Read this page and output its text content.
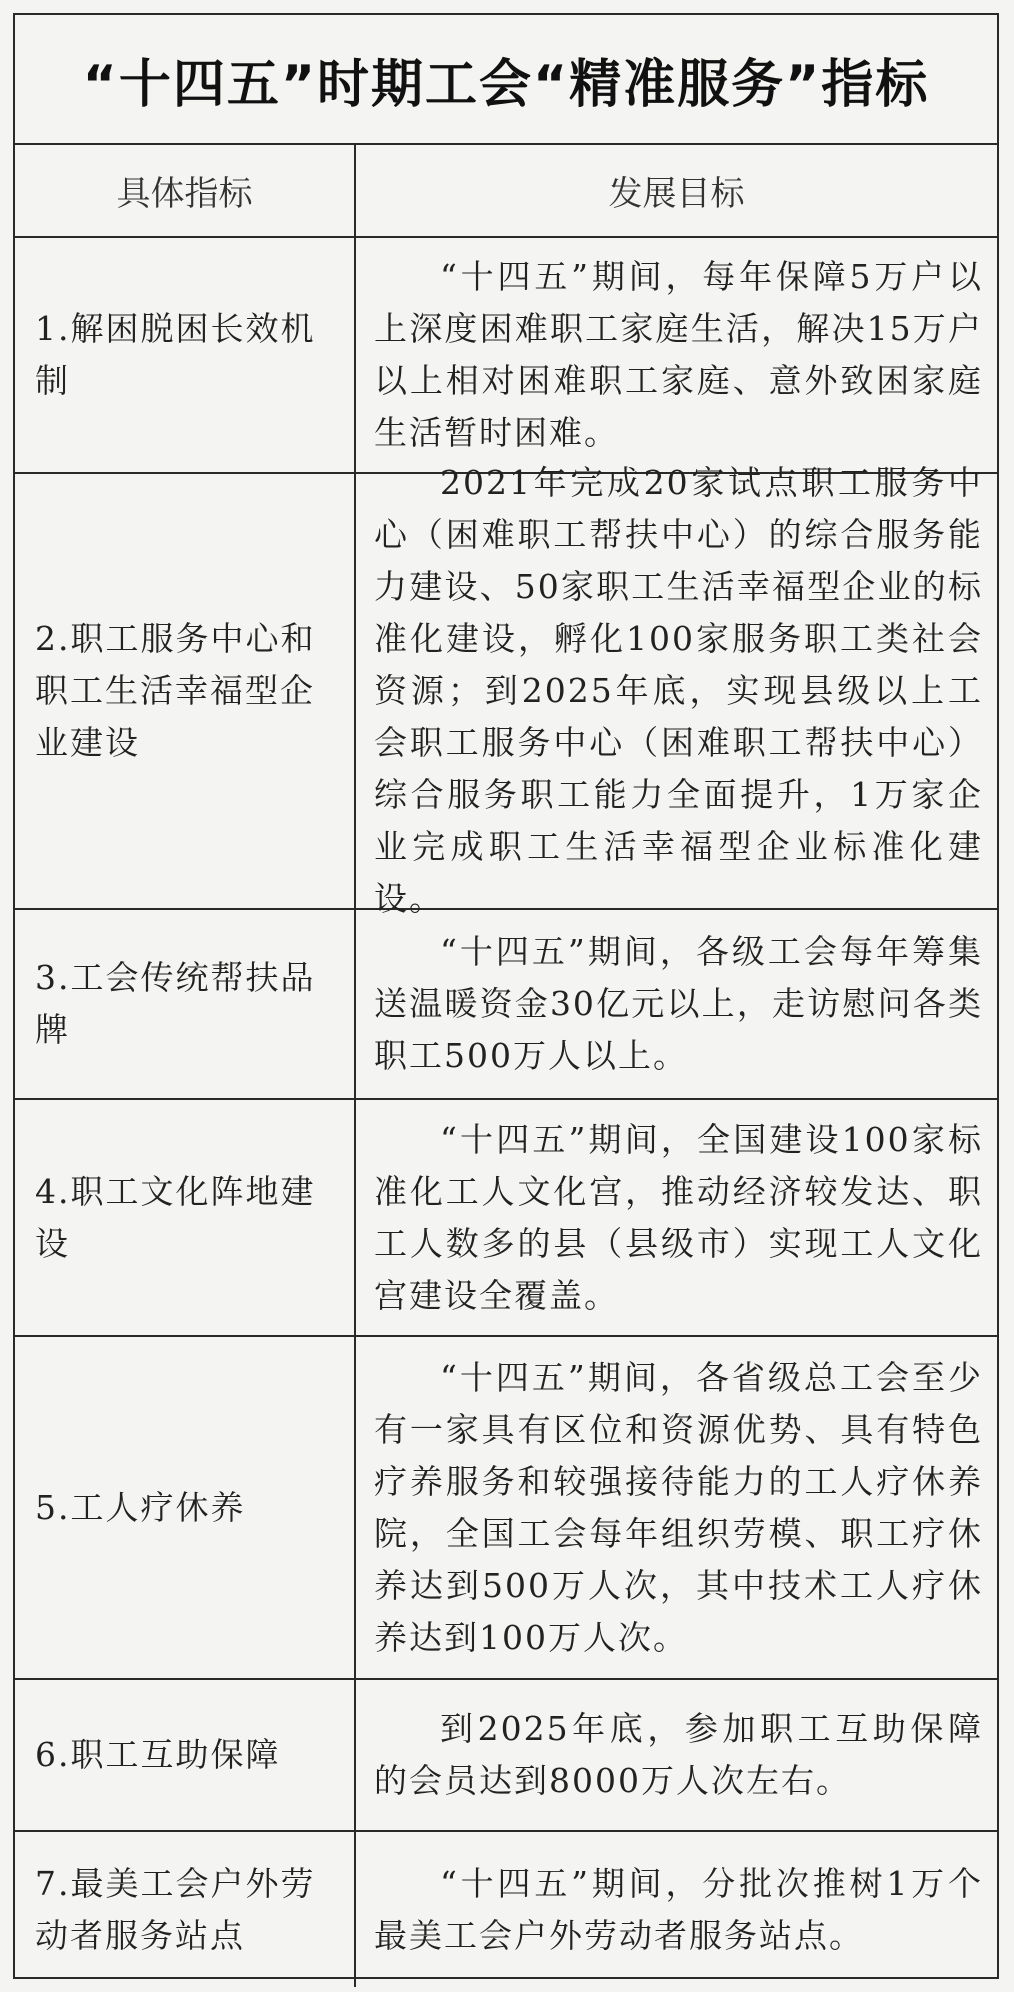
“十四五”时期工会“精准服务”指标
具体指标	发展目标
1.解困脱困长效机制

“十四五”期间，每年保障5万户以上深度困难职工家庭生活，解决15万户以上相对困难职工家庭、意外致困家庭生活暂时困难。

2.职工服务中心和职工生活幸福型企业建设

2021年完成20家试点职工服务中心（困难职工帮扶中心）的综合服务能力建设、50家职工生活幸福型企业的标准化建设，孵化100家服务职工类社会资源；到2025年底，实现县级以上工会职工服务中心（困难职工帮扶中心）综合服务职工能力全面提升，1万家企业完成职工生活幸福型企业标准化建设。

3.工会传统帮扶品牌

“十四五”期间，各级工会每年筹集送温暖资金30亿元以上，走访慰问各类职工500万人以上。

4.职工文化阵地建设

“十四五”期间，全国建设100家标准化工人文化宫，推动经济较发达、职工人数多的县（县级市）实现工人文化宫建设全覆盖。

5.工人疗休养

“十四五”期间，各省级总工会至少有一家具有区位和资源优势、具有特色疗养服务和较强接待能力的工人疗休养院，全国工会每年组织劳模、职工疗休养达到500万人次，其中技术工人疗休养达到100万人次。

6.职工互助保障

到2025年底，参加职工互助保障的会员达到8000万人次左右。

7.最美工会户外劳动者服务站点

“十四五”期间，分批次推树1万个最美工会户外劳动者服务站点。
